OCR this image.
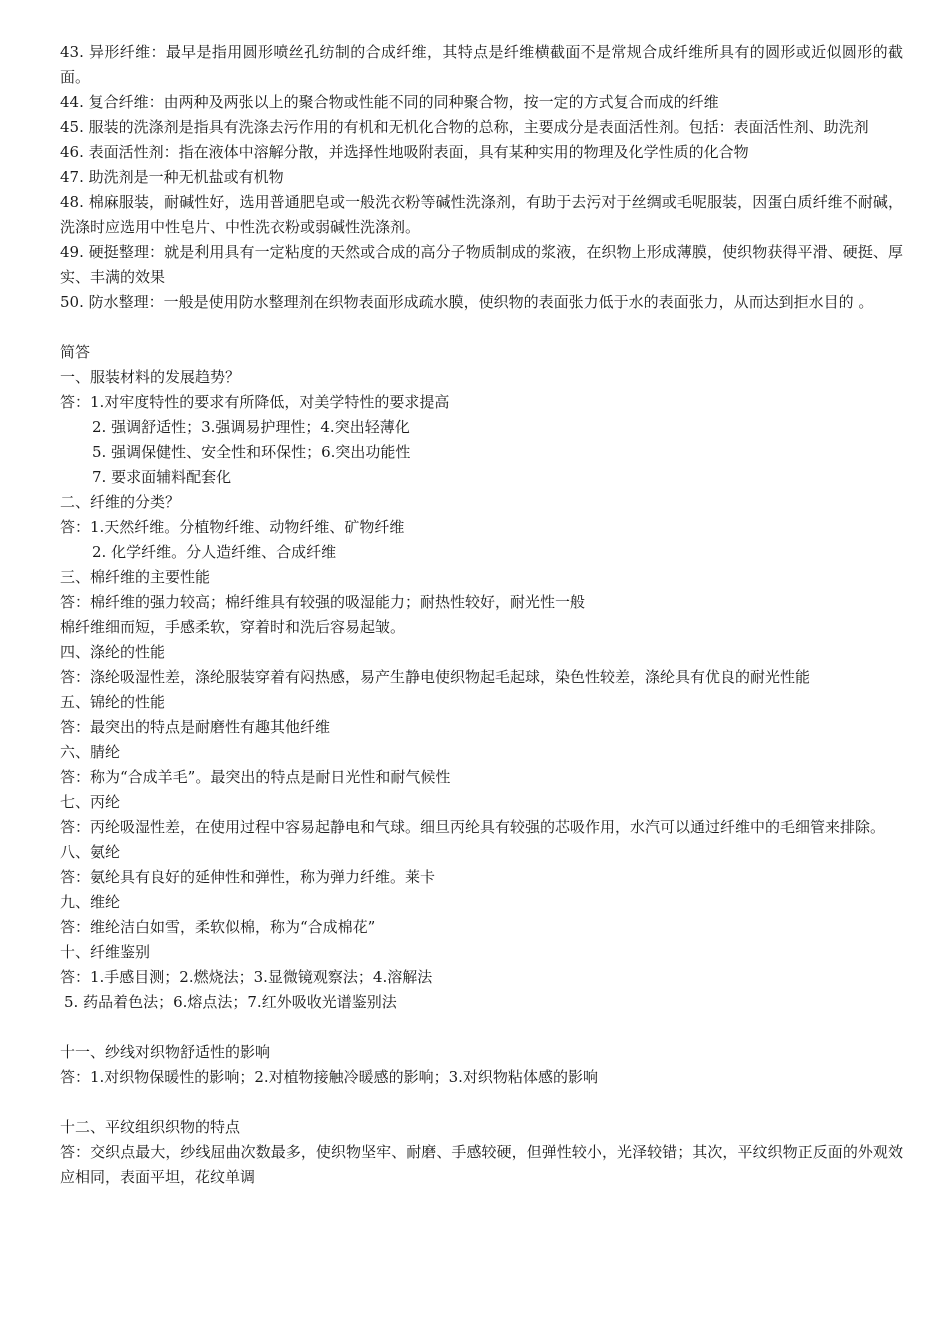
43. 异形纤维：最早是指用圆形喷丝孔纺制的合成纤维，其特点是纤维横截面不是常规合成纤维所具有的圆形或近似圆形的截面。

44. 复合纤维：由两种及两张以上的聚合物或性能不同的同种聚合物，按一定的方式复合而成的纤维

45. 服装的洗涤剂是指具有洗涤去污作用的有机和无机化合物的总称，主要成分是表面活性剂。包括：表面活性剂、助洗剂

46. 表面活性剂：指在液体中溶解分散，并选择性地吸附表面，具有某种实用的物理及化学性质的化合物

47. 助洗剂是一种无机盐或有机物

48. 棉麻服装，耐碱性好，选用普通肥皂或一般洗衣粉等碱性洗涤剂，有助于去污对于丝绸或毛呢服装，因蛋白质纤维不耐碱，洗涤时应选用中性皂片、中性洗衣粉或弱碱性洗涤剂。

49. 硬挺整理：就是利用具有一定粘度的天然或合成的高分子物质制成的浆液，在织物上形成薄膜，使织物获得平滑、硬挺、厚实、丰满的效果

50. 防水整理：一般是使用防水整理剂在织物表面形成疏水膜，使织物的表面张力低于水的表面张力，从而达到拒水目的 。

简答

一、服装材料的发展趋势？

答：1.对牢度特性的要求有所降低，对美学特性的要求提高

2. 强调舒适性；3.强调易护理性；4.突出轻薄化

5. 强调保健性、安全性和环保性；6.突出功能性

7. 要求面辅料配套化

二、纤维的分类？

答：1.天然纤维。分植物纤维、动物纤维、矿物纤维

2. 化学纤维。分人造纤维、合成纤维

三、棉纤维的主要性能

答：棉纤维的强力较高；棉纤维具有较强的吸湿能力；耐热性较好，耐光性一般

棉纤维细而短，手感柔软，穿着时和洗后容易起皱。

四、涤纶的性能

答：涤纶吸湿性差，涤纶服装穿着有闷热感，易产生静电使织物起毛起球，染色性较差，涤纶具有优良的耐光性能

五、锦纶的性能

答：最突出的特点是耐磨性有趣其他纤维

六、腈纶

答：称为“合成羊毛”。最突出的特点是耐日光性和耐气候性

七、丙纶

答：丙纶吸湿性差，在使用过程中容易起静电和气球。细旦丙纶具有较强的芯吸作用，水汽可以通过纤维中的毛细管来排除。

八、氨纶

答：氨纶具有良好的延伸性和弹性，称为弹力纤维。莱卡

九、维纶

答：维纶洁白如雪，柔软似棉，称为“合成棉花”

十、纤维鉴别

答：1.手感目测；2.燃烧法；3.显微镜观察法；4.溶解法

5. 药品着色法；6.熔点法；7.红外吸收光谱鉴别法

十一、纱线对织物舒适性的影响

答：1.对织物保暖性的影响；2.对植物接触冷暖感的影响；3.对织物粘体感的影响

十二、平纹组织织物的特点

答：交织点最大，纱线屈曲次数最多，使织物坚牢、耐磨、手感较硬，但弹性较小，光泽较错；其次，平纹织物正反面的外观效应相同，表面平坦，花纹单调
